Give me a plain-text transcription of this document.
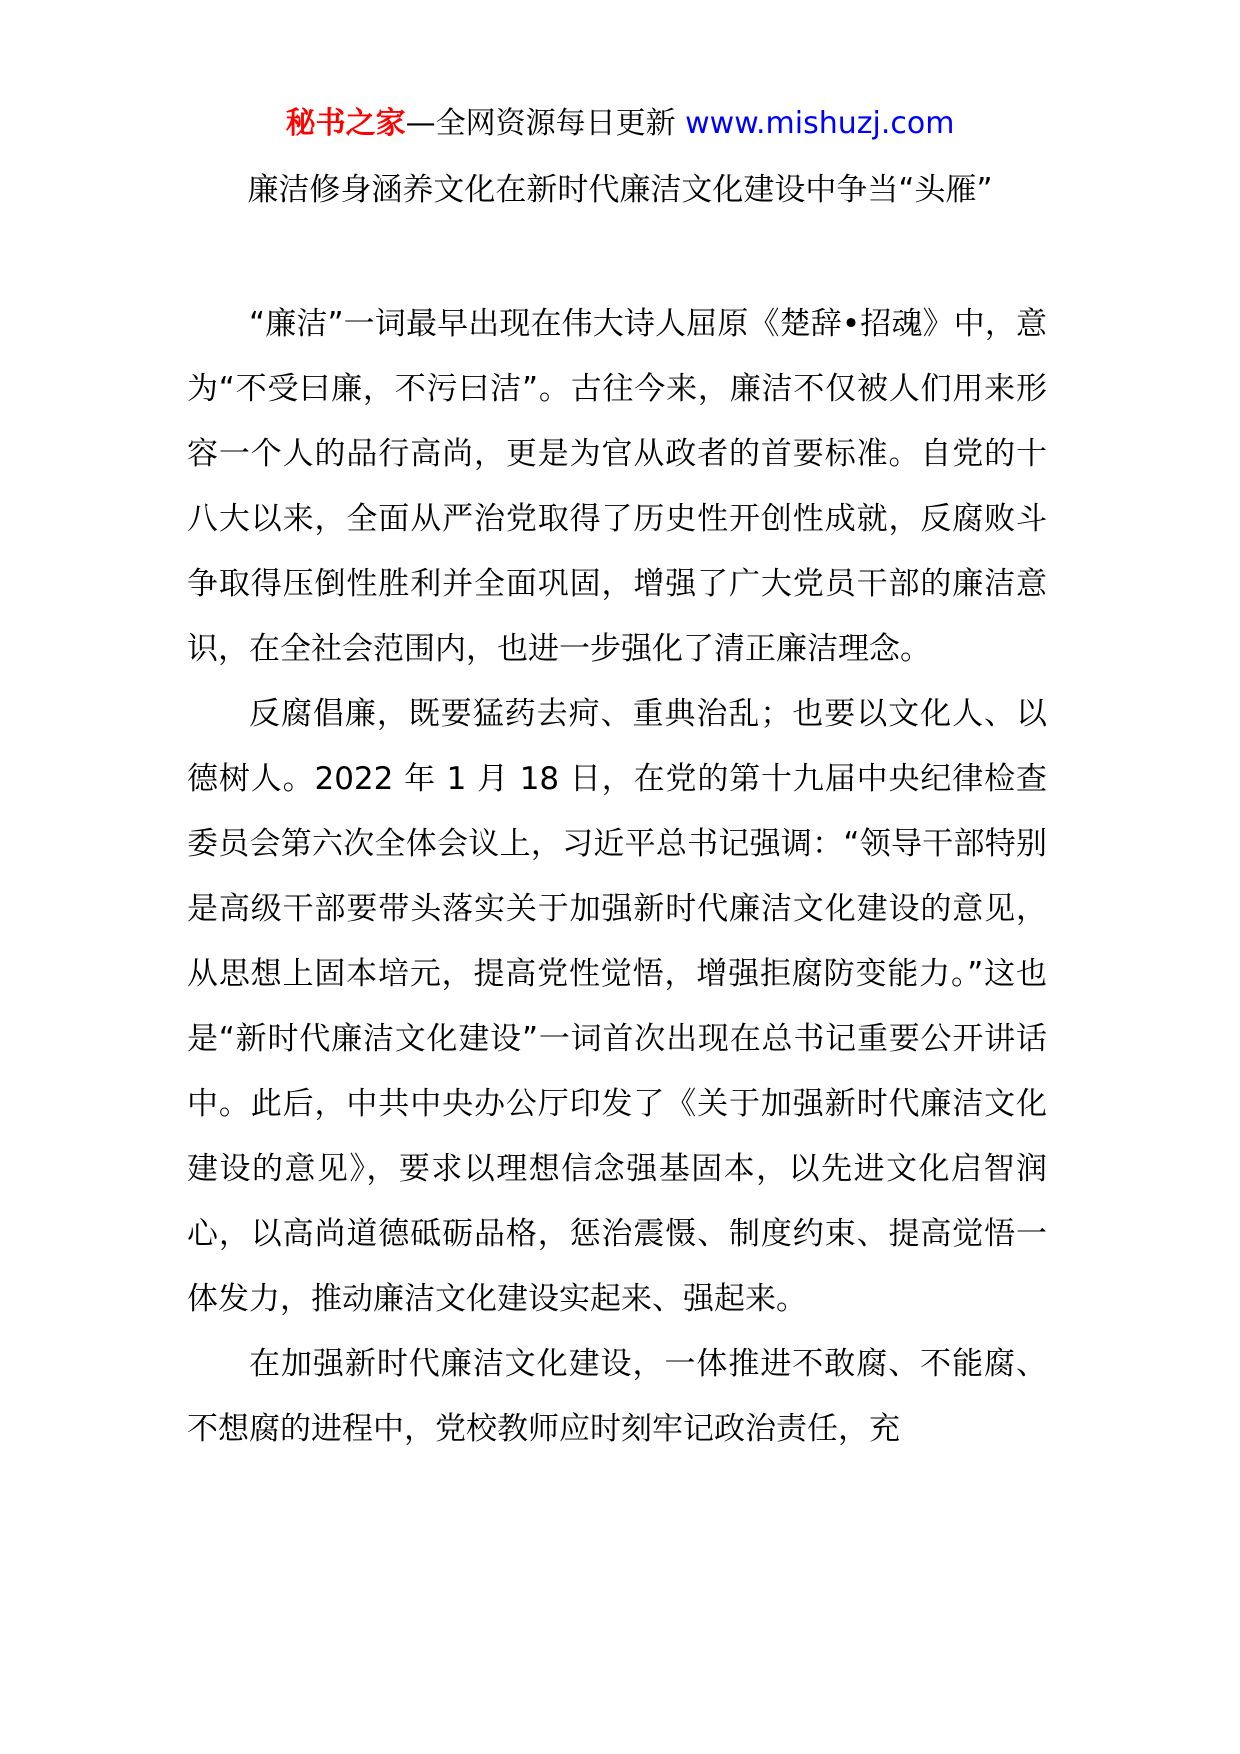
秘书之家—全网资源每日更新 www.mishuzj.com
廉洁修身涵养文化在新时代廉洁文化建设中争当“头雁”

“廉洁”一词最早出现在伟大诗人屈原《楚辞•招魂》中，意为“不受曰廉，不污曰洁”。古往今来，廉洁不仅被人们用来形容一个人的品行高尚，更是为官从政者的首要标准。自党的十八大以来，全面从严治党取得了历史性开创性成就，反腐败斗争取得压倒性胜利并全面巩固，增强了广大党员干部的廉洁意识，在全社会范围内，也进一步强化了清正廉洁理念。

反腐倡廉，既要猛药去疴、重典治乱；也要以文化人、以德树人。2022 年 1 月 18 日，在党的第十九届中央纪律检查委员会第六次全体会议上，习近平总书记强调：“领导干部特别是高级干部要带头落实关于加强新时代廉洁文化建设的意见，从思想上固本培元，提高党性觉悟，增强拒腐防变能力。”这也是“新时代廉洁文化建设”一词首次出现在总书记重要公开讲话中。此后，中共中央办公厅印发了《关于加强新时代廉洁文化建设的意见》，要求以理想信念强基固本，以先进文化启智润心，以高尚道德砥砺品格，惩治震慑、制度约束、提高觉悟一体发力，推动廉洁文化建设实起来、强起来。

在加强新时代廉洁文化建设，一体推进不敢腐、不能腐、不想腐的进程中，党校教师应时刻牢记政治责任，充
